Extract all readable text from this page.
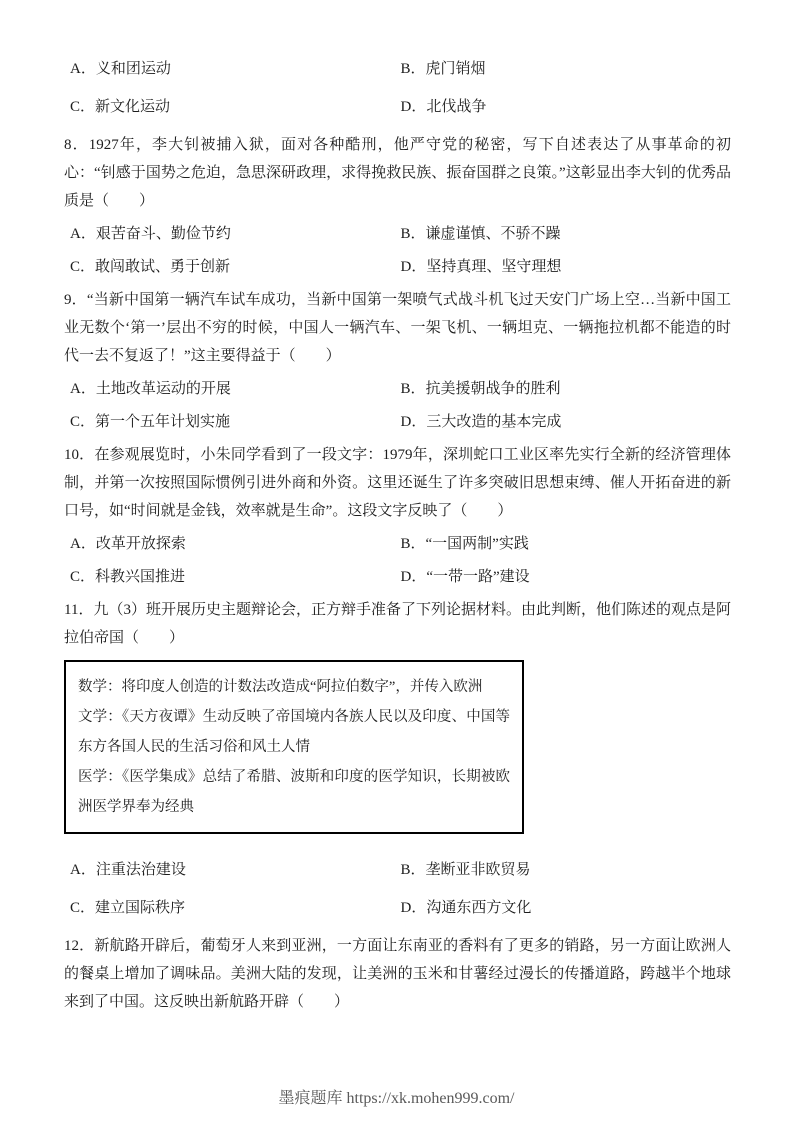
A．义和团运动	B．虎门销烟
C．新文化运动	D．北伐战争

8．1927年，李大钊被捕入狱，面对各种酷刑，他严守党的秘密，写下自述表达了从事革命的初心：“钊感于国势之危迫，急思深研政理，求得挽救民族、振奋国群之良策。”这彰显出李大钊的优秀品质是（　　）

A．艰苦奋斗、勤俭节约	B．谦虚谨慎、不骄不躁
C．敢闯敢试、勇于创新	D．坚持真理、坚守理想

9．“当新中国第一辆汽车试车成功，当新中国第一架喷气式战斗机飞过天安门广场上空…当新中国工业无数个‘第一’层出不穷的时候，中国人一辆汽车、一架飞机、一辆坦克、一辆拖拉机都不能造的时代一去不复返了！”这主要得益于（　　）

A．土地改革运动的开展	B．抗美援朝战争的胜利
C．第一个五年计划实施	D．三大改造的基本完成

10．在参观展览时，小朱同学看到了一段文字：1979年，深圳蛇口工业区率先实行全新的经济管理体制，并第一次按照国际惯例引进外商和外资。这里还诞生了许多突破旧思想束缚、催人开拓奋进的新口号，如“时间就是金钱，效率就是生命”。这段文字反映了（　　）

A．改革开放探索	B．“一国两制”实践
C．科教兴国推进	D．“一带一路”建设

11．九（3）班开展历史主题辩论会，正方辩手准备了下列论据材料。由此判断，他们陈述的观点是阿拉伯帝国（　　）

数学：将印度人创造的计数法改造成“阿拉伯数字”，并传入欧洲

文学：《天方夜谭》生动反映了帝国境内各族人民以及印度、中国等东方各国人民的生活习俗和风土人情

医学：《医学集成》总结了希腊、波斯和印度的医学知识，长期被欧洲医学界奉为经典

A．注重法治建设	B．垄断亚非欧贸易
C．建立国际秩序	D．沟通东西方文化

12．新航路开辟后，葡萄牙人来到亚洲，一方面让东南亚的香料有了更多的销路，另一方面让欧洲人的餐桌上增加了调味品。美洲大陆的发现，让美洲的玉米和甘薯经过漫长的传播道路，跨越半个地球来到了中国。这反映出新航路开辟（　　）

墨痕题库 https://xk.mohen999.com/
